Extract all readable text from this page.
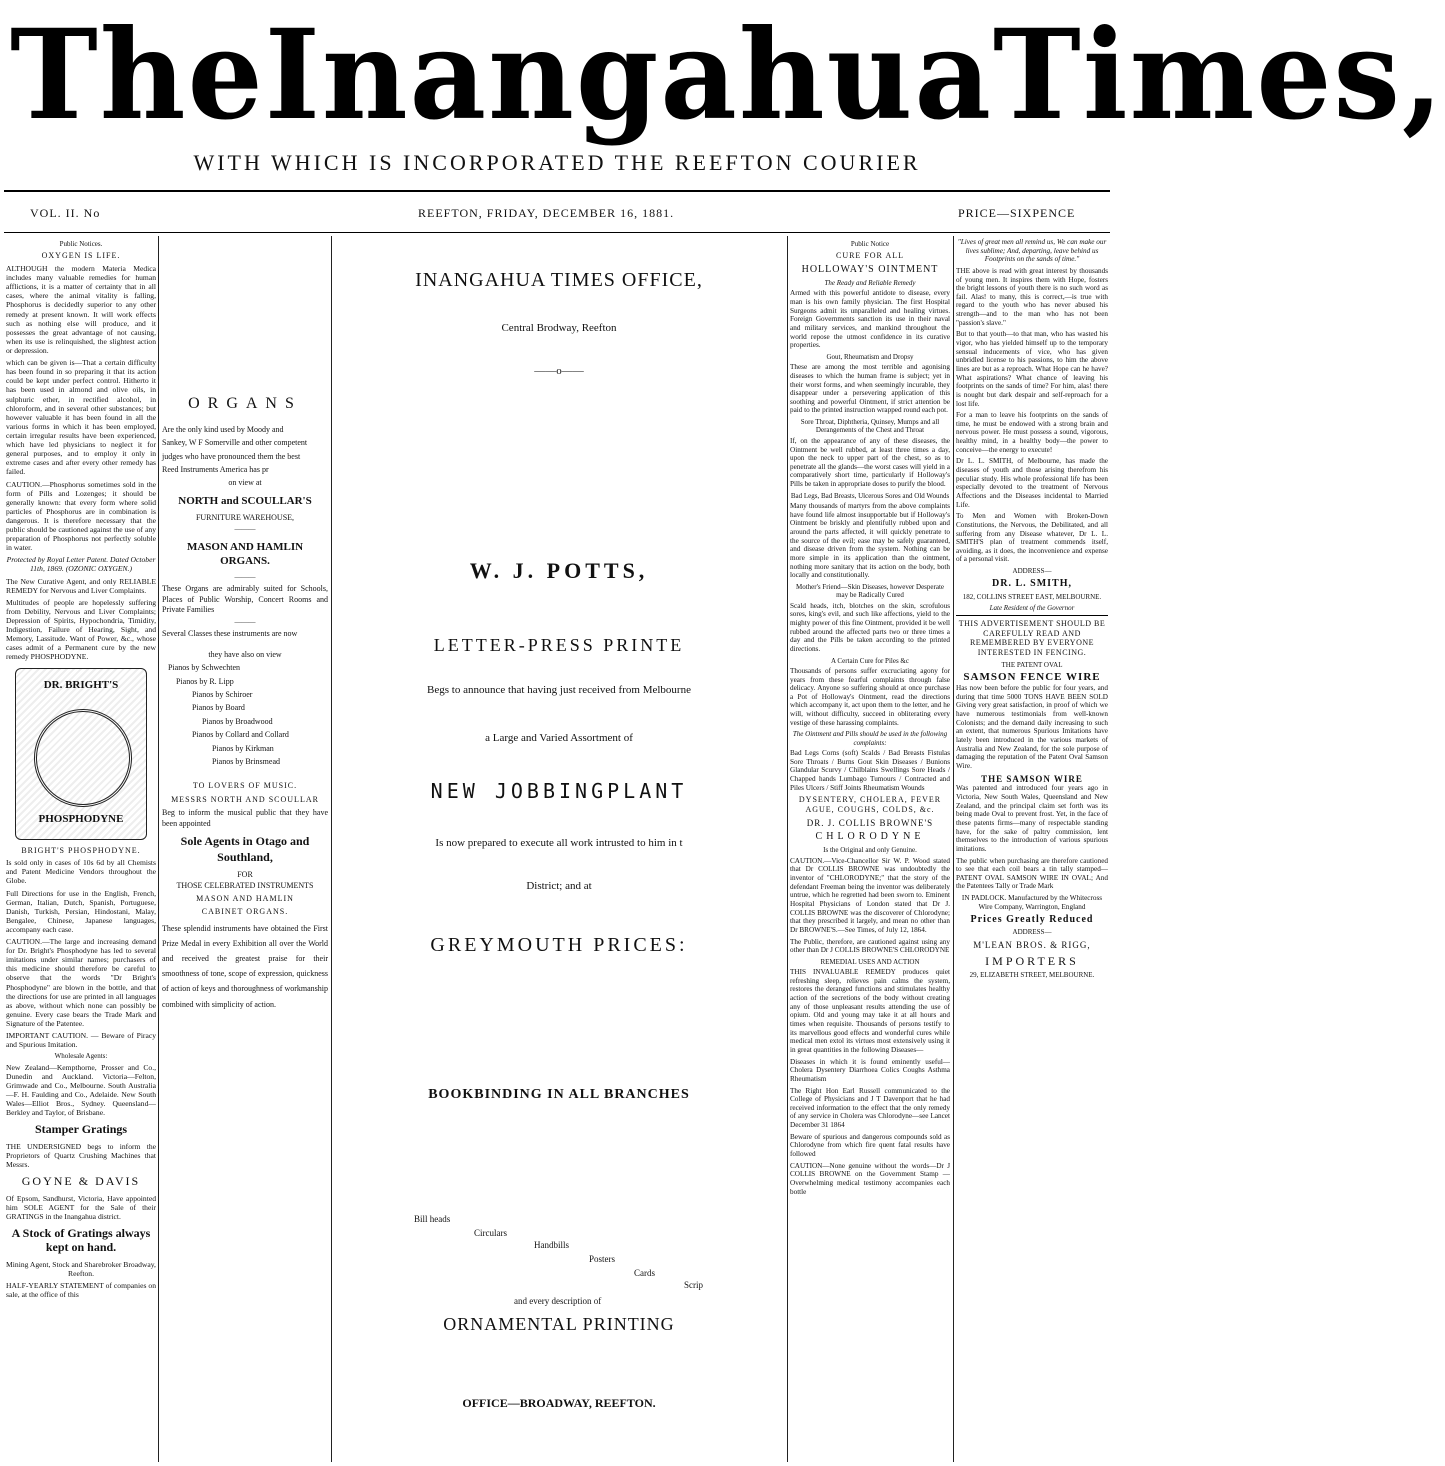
The Inangahua Times,
WITH WHICH IS INCORPORATED THE REEFTON COURIER
VOL. II. No	REEFTON, FRIDAY, DECEMBER 16, 1881.	PRICE—SIXPENCE
Public Notices.
OXYGEN IS LIFE.

ALTHOUGH the modern Materia Medica includes many valuable remedies for human afflictions, it is a matter of certainty that in all cases, where the animal vitality is falling, Phosphorus is decidedly superior to any other remedy at present known. It will work effects such as nothing else will produce, and it possesses the great advantage of not causing, when its use is relinquished, the slightest action or depression.

which can be given is—That a certain difficulty has been found in so preparing it that its action could be kept under perfect control. Hitherto it has been used in almond and olive oils, in sulphuric ether, in rectified alcohol, in chloroform, and in several other substances; but however valuable it has been found in all the various forms in which it has been employed, certain irregular results have been experienced, which have led physicians to neglect it for general purposes, and to employ it only in extreme cases and after every other remedy has failed.

CAUTION.—Phosphorus sometimes sold in the form of Pills and Lozenges; it should be generally known: that every form where solid particles of Phosphorus are in combination is dangerous. It is therefore necessary that the public should be cautioned against the use of any preparation of Phosphorus not perfectly soluble in water.

Protected by Royal Letter Patent. Dated October 11th, 1869. (OZONIC OXYGEN.)

The New Curative Agent, and only RELIABLE REMEDY for Nervous and Liver Complaints.

Multitudes of people are hopelessly suffering from Debility, Nervous and Liver Complaints; Depression of Spirits, Hypochondria, Timidity, Indigestion, Failure of Hearing, Sight, and Memory, Lassitude. Want of Power, &c., whose cases admit of a Permanent cure by the new remedy PHOSPHODYNE.

DR. BRIGHT'S
PHOSPHODYNE
BRIGHT'S PHOSPHODYNE.

Is sold only in cases of 10s 6d by all Chemists and Patent Medicine Vendors throughout the Globe.

Full Directions for use in the English, French, German, Italian, Dutch, Spanish, Portuguese, Danish, Turkish, Persian, Hindostani, Malay, Bengalee, Chinese, Japanese languages, accompany each case.

CAUTION.—The large and increasing demand for Dr. Bright's Phosphodyne has led to several imitations under similar names; purchasers of this medicine should therefore be careful to observe that the words "Dr Bright's Phosphodyne" are blown in the bottle, and that the directions for use are printed in all languages as above, without which none can possibly be genuine. Every case bears the Trade Mark and Signature of the Patentee.

IMPORTANT CAUTION. — Beware of Piracy and Spurious Imitation.

Wholesale Agents:

New Zealand—Kempthorne, Prosser and Co., Dunedin and Auckland. Victoria—Felton, Grimwade and Co., Melbourne. South Australia—F. H. Faulding and Co., Adelaide. New South Wales—Elliot Bros., Sydney. Queensland—Berkley and Taylor, of Brisbane.

Stamper Gratings

THE UNDERSIGNED begs to inform the Proprietors of Quartz Crushing Machines that Messrs.

GOYNE & DAVIS

Of Epsom, Sandhurst, Victoria, Have appointed him SOLE AGENT for the Sale of their GRATINGS in the Inangahua district.

A Stock of Gratings always kept on hand.

Mining Agent, Stock and Sharebroker Broadway, Reefton.

HALF-YEARLY STATEMENT of companies on sale, at the office of this

ORGANS

Are the only kind used by Moody and

Sankey, W F Somerville and other competent

judges who have pronounced them the best

Reed Instruments America has pr

on view at

NORTH and SCOULLAR'S
FURNITURE WAREHOUSE,
———
MASON AND HAMLIN ORGANS.
———

These Organs are admirably suited for Schools, Places of Public Worship, Concert Rooms and Private Families

———

Several Classes these instruments are now

they have also on view

Pianos by Schwechten

Pianos by R. Lipp

Pianos by Schiroer

Pianos by Board

Pianos by Broadwood

Pianos by Collard and Collard

Pianos by Kirkman

Pianos by Brinsmead

TO LOVERS OF MUSIC.
MESSRS NORTH AND SCOULLAR

Beg to inform the musical public that they have been appointed

Sole Agents in Otago and Southland,
FOR
THOSE CELEBRATED INSTRUMENTS
MASON AND HAMLIN
CABINET ORGANS.

These splendid instruments have obtained the First Prize Medal in every Exhibition all over the World and received the greatest praise for their smoothness of tone, scope of expression, quickness of action of keys and thoroughness of workmanship combined with simplicity of action.

INANGAHUA TIMES OFFICE,
Central Brodway, Reefton
——o——
W. J. POTTS,
LETTER-PRESS PRINTE
Begs to announce that having just received from Melbourne
a Large and Varied Assortment of
NEW JOBBINGPLANT
Is now prepared to execute all work intrusted to him in t
District; and at
GREYMOUTH PRICES:
BOOKBINDING IN ALL BRANCHES
Bill heads
Circulars
Handbills
Posters
Cards
Scrip
and every description of
ORNAMENTAL PRINTING
OFFICE—BROADWAY, REEFTON.
Public Notice
CURE FOR ALL
HOLLOWAY'S OINTMENT
The Ready and Reliable Remedy

Armed with this powerful antidote to disease, every man is his own family physician. The first Hospital Surgeons admit its unparalleled and healing virtues. Foreign Governments sanction its use in their naval and military services, and mankind throughout the world repose the utmost confidence in its curative properties.

Gout, Rheumatism and Dropsy

These are among the most terrible and agonising diseases to which the human frame is subject; yet in their worst forms, and when seemingly incurable, they disappear under a persevering application of this soothing and powerful Ointment, if strict attention be paid to the printed instruction wrapped round each pot.

Sore Throat, Diphtheria, Quinsey, Mumps and all Derangements of the Chest and Throat

If, on the appearance of any of these diseases, the Ointment be well rubbed, at least three times a day, upon the neck to upper part of the chest, so as to penetrate all the glands—the worst cases will yield in a comparatively short time, particularly if Holloway's Pills be taken in appropriate doses to purify the blood.

Bad Legs, Bad Breasts, Ulcerous Sores and Old Wounds

Many thousands of martyrs from the above complaints have found life almost insupportable but if Holloway's Ointment be briskly and plentifully rubbed upon and around the parts affected, it will quickly penetrate to the source of the evil; ease may be safely guaranteed, and disease driven from the system. Nothing can be more simple in its application than the ointment, nothing more sanitary that its action on the body, both locally and constitutionally.

Mother's Friend—Skin Diseases, however Desperate may be Radically Cured

Scald heads, itch, blotches on the skin, scrofulous sores, king's evil, and such like affections, yield to the mighty power of this fine Ointment, provided it be well rubbed around the affected parts two or three times a day and the Pills be taken according to the printed directions.

A Certain Cure for Piles &c

Thousands of persons suffer excruciating agony for years from these fearful complaints through false delicacy. Anyone so suffering should at once purchase a Pot of Holloway's Ointment, read the directions which accompany it, act upon them to the letter, and he will, without difficulty, succeed in obliterating every vestige of these harassing complaints.

The Ointment and Pills should be used in the following complaints:

Bad Legs Corns (soft) Scalds / Bad Breasts Fistulas Sore Throats / Burns Gout Skin Diseases / Bunions Glandular Scurvy / Chilblains Swellings Sore Heads / Chapped hands Lumbago Tumours / Contracted and Piles Ulcers / Stiff Joints Rheumatism Wounds

DYSENTERY, CHOLERA, FEVER AGUE, COUGHS, COLDS, &c.
DR. J. COLLIS BROWNE'S
CHLORODYNE
Is the Original and only Genuine.

CAUTION.—Vice-Chancellor Sir W. P. Wood stated that Dr COLLIS BROWNE was undoubtedly the inventor of "CHLORODYNE;" that the story of the defendant Freeman being the inventor was deliberately untrue, which he regretted had been sworn to. Eminent Hospital Physicians of London stated that Dr J. COLLIS BROWNE was the discoverer of Chlorodyne; that they prescribed it largely, and mean no other than Dr BROWNE'S.—See Times, of July 12, 1864.

The Public, therefore, are cautioned against using any other than Dr J COLLIS BROWNE'S CHLORODYNE

REMEDIAL USES AND ACTION

THIS INVALUABLE REMEDY produces quiet refreshing sleep, relieves pain calms the system, restores the deranged functions and stimulates healthy action of the secretions of the body without creating any of those unpleasant results attending the use of opium. Old and young may take it at all hours and times when requisite. Thousands of persons testify to its marvellous good effects and wonderful cures while medical men extol its virtues most extensively using it in great quantities in the following Diseases—

Diseases in which it is found eminently useful—Cholera Dysentery Diarrhoea Colics Coughs Asthma Rheumatism

The Right Hon Earl Russell communicated to the College of Physicians and J T Davenport that he had received information to the effect that the only remedy of any service in Cholera was Chlorodyne—see Lancet December 31 1864

Beware of spurious and dangerous compounds sold as Chlorodyne from which fire quent fatal results have followed

CAUTION—None genuine without the words—Dr J COLLIS BROWNE on the Government Stamp — Overwhelming medical testimony accompanies each bottle

"Lives of great men all remind us, We can make our lives sublime; And, departing, leave behind us Footprints on the sands of time."

THE above is read with great interest by thousands of young men. It inspires them with Hope, fosters the bright lessons of youth there is no such word as fail. Alas! to many, this is correct,—is true with regard to the youth who has never abused his strength—and to the man who has not been "passion's slave."

But to that youth—to that man, who has wasted his vigor, who has yielded himself up to the temporary sensual inducements of vice, who has given unbridled license to his passions, to him the above lines are but as a reproach. What Hope can he have? What aspirations? What chance of leaving his footprints on the sands of time? For him, alas! there is nought but dark despair and self-reproach for a lost life.

For a man to leave his footprints on the sands of time, he must be endowed with a strong brain and nervous power. He must possess a sound, vigorous, healthy mind, in a healthy body—the power to conceive—the energy to execute!

Dr L. L. SMITH, of Melbourne, has made the diseases of youth and those arising therefrom his peculiar study. His whole professional life has been especially devoted to the treatment of Nervous Affections and the Diseases incidental to Married Life.

To Men and Women with Broken-Down Constitutions, the Nervous, the Debilitated, and all suffering from any Disease whatever, Dr L. L. SMITH'S plan of treatment commends itself, avoiding, as it does, the inconvenience and expense of a personal visit.

ADDRESS—
DR. L. SMITH,
182, COLLINS STREET EAST, MELBOURNE.
Late Resident of the Governor

THIS ADVERTISEMENT SHOULD BE CAREFULLY READ AND REMEMBERED BY EVERYONE INTERESTED IN FENCING.

THE PATENT OVAL
SAMSON FENCE WIRE

Has now been before the public for four years, and during that time 5000 TONS HAVE BEEN SOLD Giving very great satisfaction, in proof of which we have numerous testimonials from well-known Colonists; and the demand daily increasing to such an extent, that numerous Spurious Imitations have lately been introduced in the various markets of Australia and New Zealand, for the sole purpose of damaging the reputation of the Patent Oval Samson Wire.

THE SAMSON WIRE

Was patented and introduced four years ago in Victoria, New South Wales, Queensland and New Zealand, and the principal claim set forth was its being made Oval to prevent frost. Yet, in the face of these patents firms—many of respectable standing have, for the sake of paltry commission, lent themselves to the introduction of various spurious imitations.

The public when purchasing are therefore cautioned to see that each coil bears a tin tally stamped—PATENT OVAL SAMSON WIRE IN OVAL; And the Patentees Tally or Trade Mark

IN PADLOCK. Manufactured by the Whitecross Wire Company, Warrington, England

Prices Greatly Reduced
ADDRESS—
M'LEAN BROS. & RIGG,
IMPORTERS
29, ELIZABETH STREET, MELBOURNE.
